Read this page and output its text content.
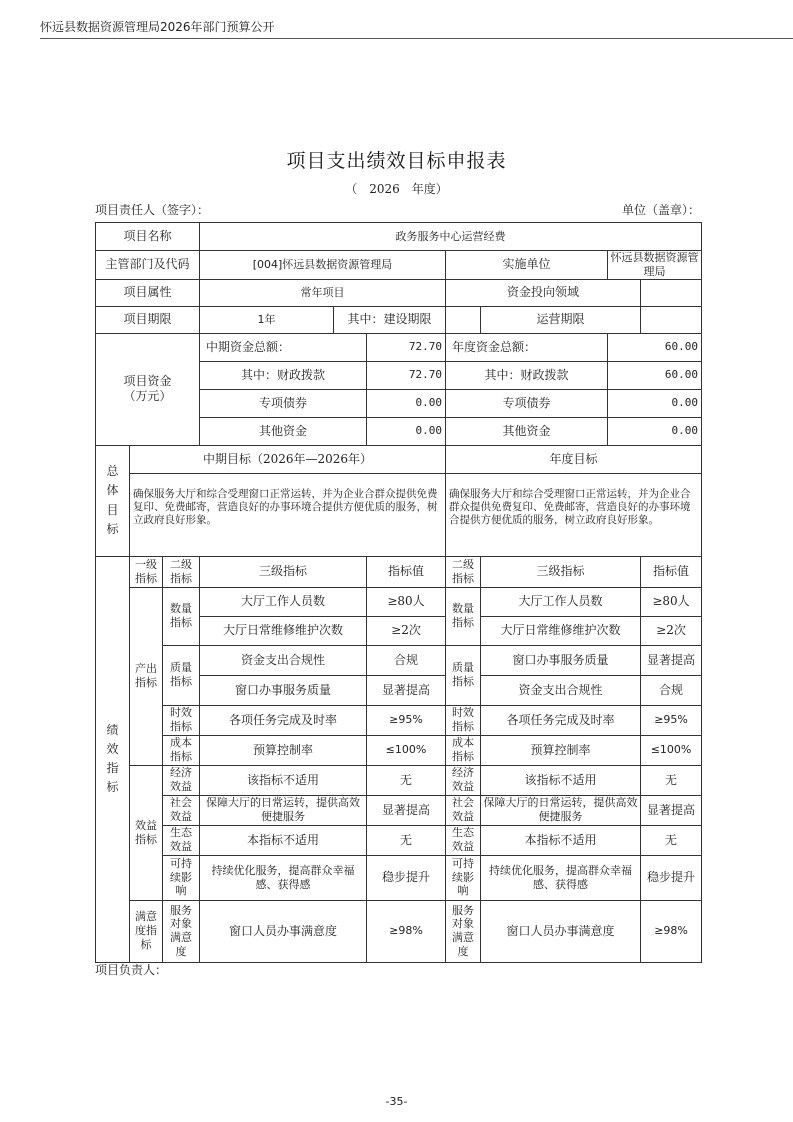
怀远县数据资源管理局2026年部门预算公开
项目支出绩效目标申报表
（　2026　年度）
项目责任人（签字）：	单位（盖章）：
项目名称			政务服务中心运营经费						
主管部门及代码			[004]怀远县数据资源管理局			实施单位		怀远县数据资源管理局	
项目属性			常年项目			资金投向领域			
项目期限			1年	其中：建设期限			运营期限		
项目资金（万元）			中期资金总额：		72.70	年度资金总额：		60.00	
			其中：财政拨款		72.70	其中：财政拨款		60.00	
			专项债券		0.00	专项债券		0.00	
			其他资金		0.00	其他资金		0.00	

总体目标	中期目标（2026年—2026年）					年度目标			
	确保服务大厅和综合受理窗口正常运转，并为企业合群众提供免费复印、免费邮寄，营造良好的办事环境合提供方便优质的服务，树立政府良好形象。					确保服务大厅和综合受理窗口正常运转，并为企业合群众提供免费复印、免费邮寄，营造良好的办事环境合提供方便优质的服务，树立政府良好形象。			

绩效指标	一级指标	二级指标	三级指标		指标值	二级指标	三级指标		指标值
	产出指标	数量指标	大厅工作人员数		≥80人	数量指标	大厅工作人员数		≥80人
			大厅日常维修维护次数		≥2次		大厅日常维修维护次数		≥2次
		质量指标	资金支出合规性		合规	质量指标	窗口办事服务质量		显著提高
			窗口办事服务质量		显著提高		资金支出合规性		合规
		时效指标	各项任务完成及时率		≥95%	时效指标	各项任务完成及时率		≥95%
		成本指标	预算控制率		≤100%	成本指标	预算控制率		≤100%
	效益指标	经济效益	该指标不适用		无	经济效益	该指标不适用		无
		社会效益	保障大厅的日常运转，提供高效便捷服务		显著提高	社会效益	保障大厅的日常运转，提供高效便捷服务		显著提高
		生态效益	本指标不适用		无	生态效益	本指标不适用		无
		可持续影响	持续优化服务，提高群众幸福感、获得感		稳步提升	可持续影响	持续优化服务，提高群众幸福感、获得感		稳步提升
	满意度指标	服务对象满意度	窗口人员办事满意度		≥98%	服务对象满意度	窗口人员办事满意度		≥98%
项目负责人：
-35-
